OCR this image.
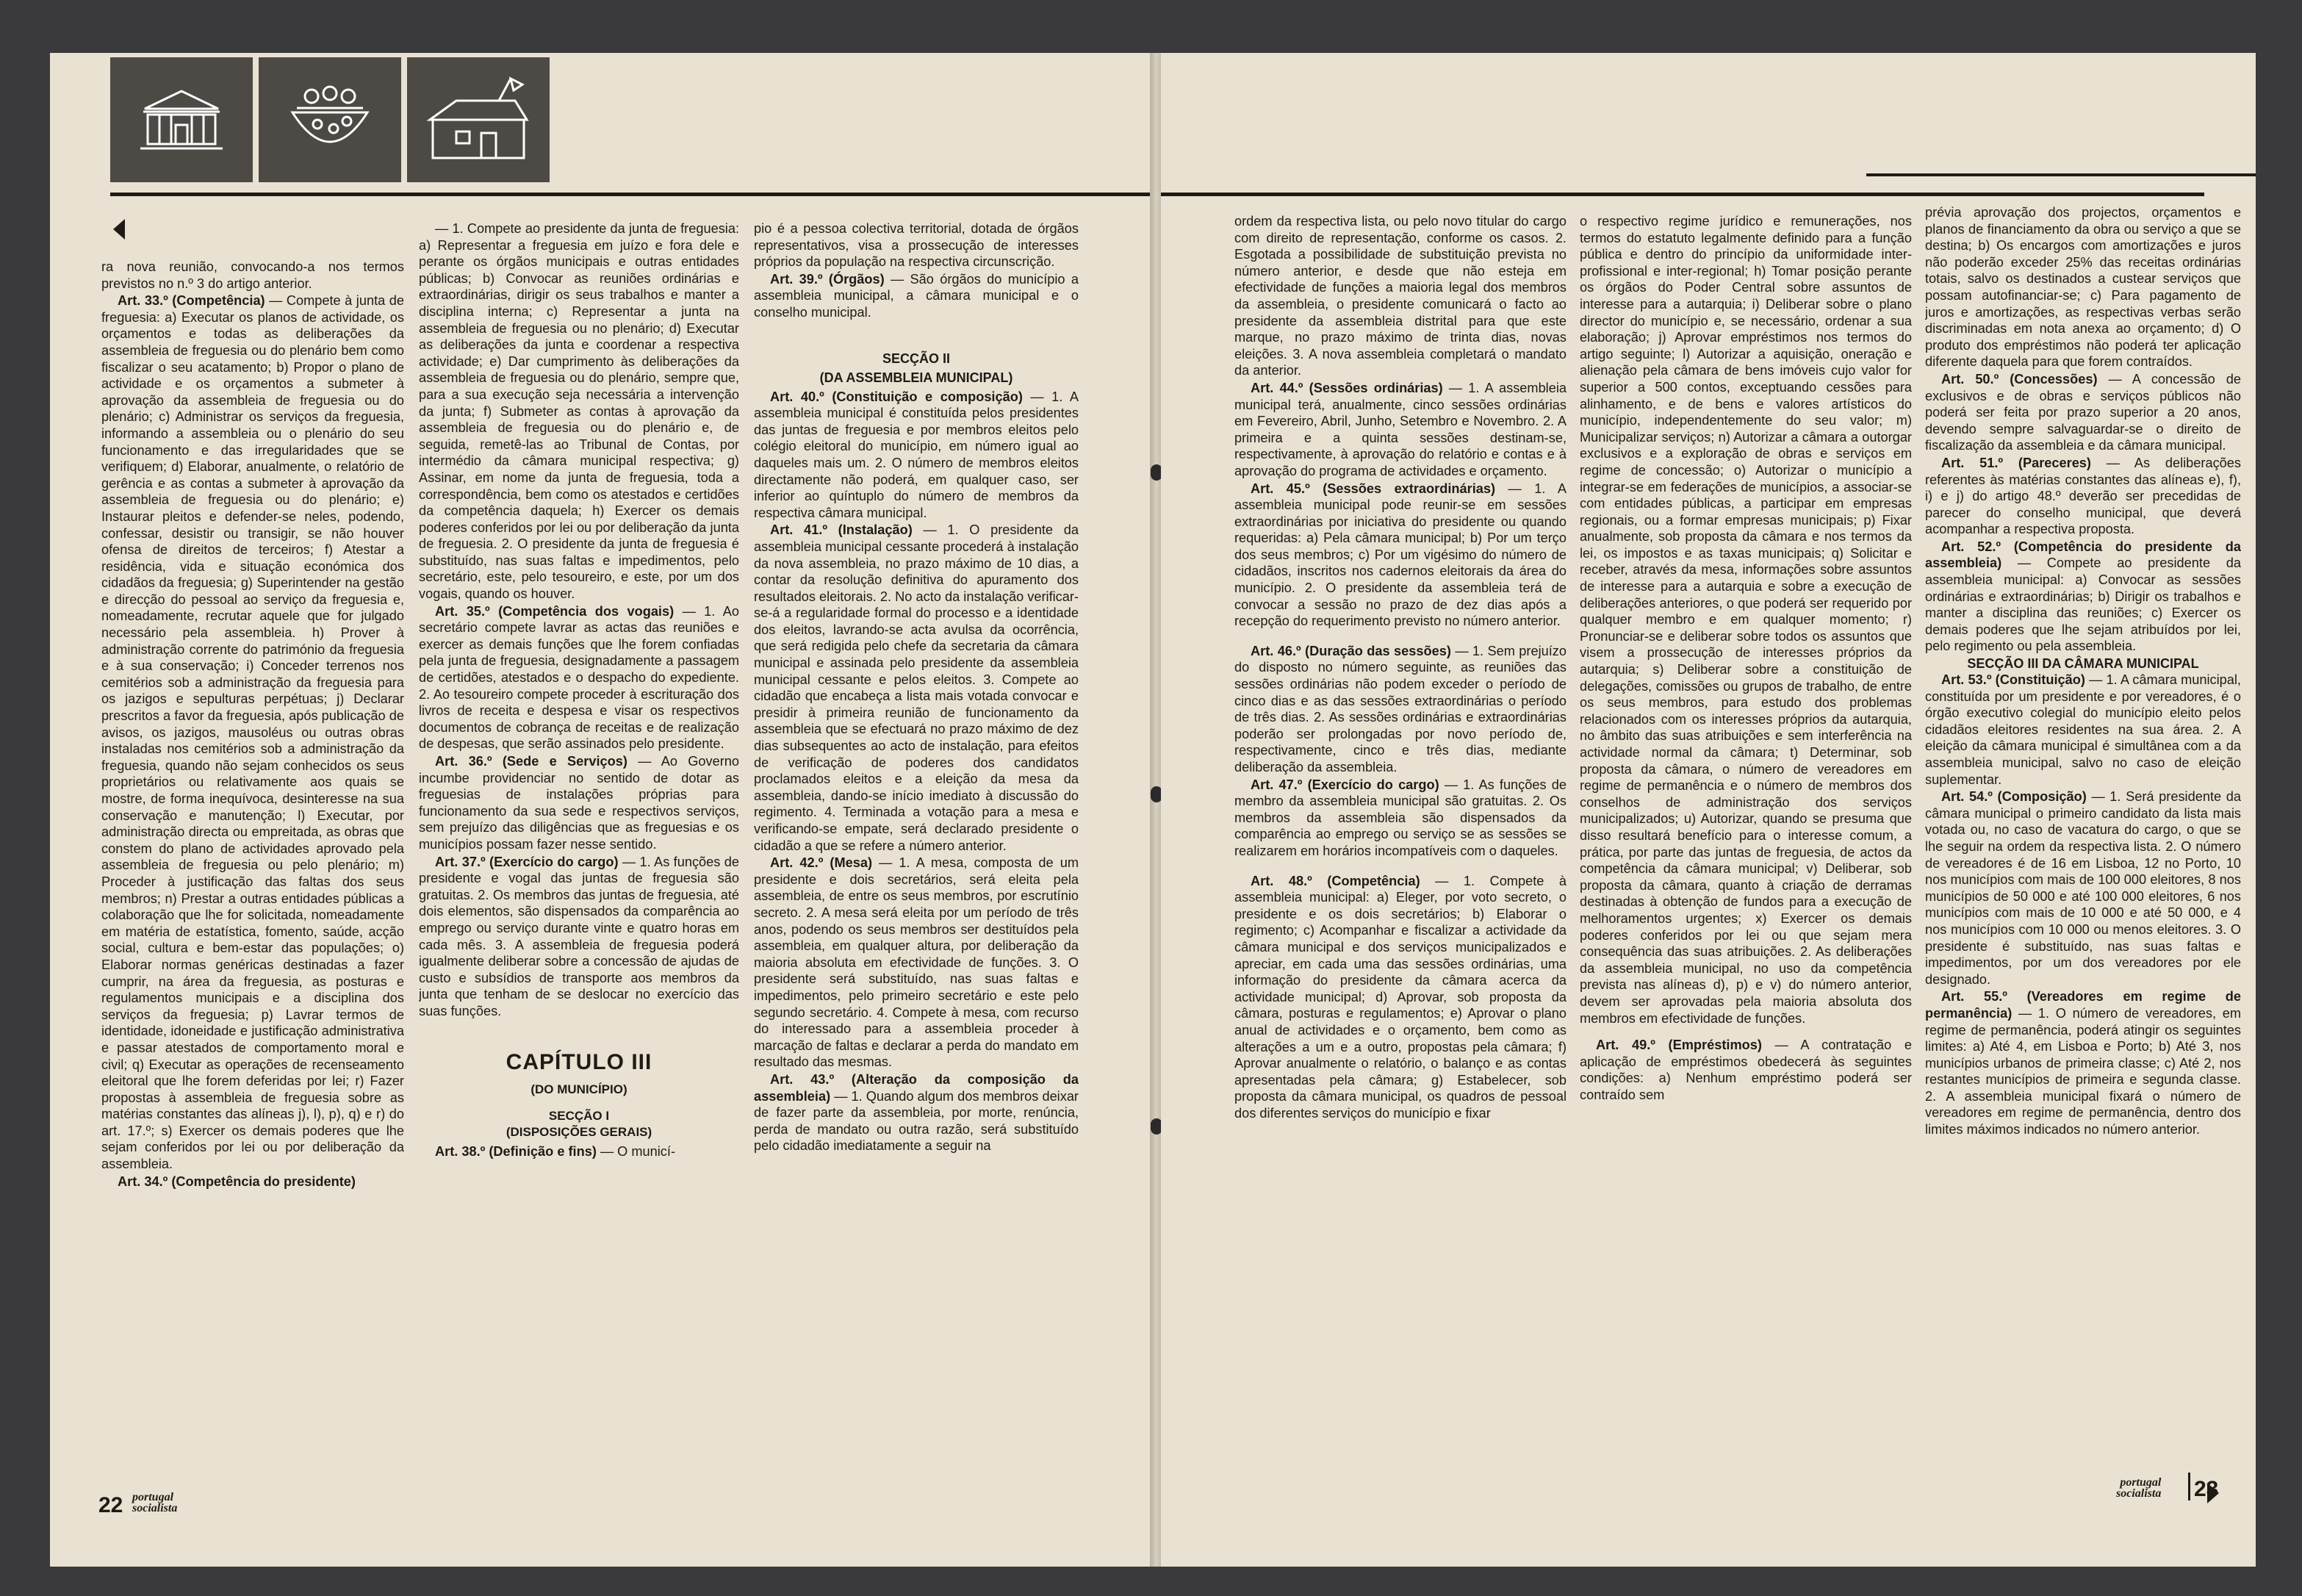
ra nova reunião, convocando-a nos termos previstos no n.º 3 do artigo anterior.

Art. 33.º (Competência) — Compete à junta de freguesia: a) Executar os planos de actividade, os orçamentos e todas as deliberações da assembleia de freguesia ou do plenário bem como fiscalizar o seu acatamento; b) Propor o plano de actividade e os orçamentos a submeter à aprovação da assembleia de freguesia ou do plenário; c) Administrar os serviços da freguesia, informando a assembleia ou o plenário do seu funcionamento e das irregularidades que se verifiquem; d) Elaborar, anualmente, o relatório de gerência e as contas a submeter à aprovação da assembleia de freguesia ou do plenário; e) Instaurar pleitos e defender-se neles, podendo, confessar, desistir ou transigir, se não houver ofensa de direitos de terceiros; f) Atestar a residência, vida e situação económica dos cidadãos da freguesia; g) Superintender na gestão e direcção do pessoal ao serviço da freguesia e, nomeadamente, recrutar aquele que for julgado necessário pela assembleia. h) Prover à administração corrente do património da freguesia e à sua conservação; i) Conceder terrenos nos cemitérios sob a administração da freguesia para os jazigos e sepulturas perpétuas; j) Declarar prescritos a favor da freguesia, após publicação de avisos, os jazigos, mausoléus ou outras obras instaladas nos cemitérios sob a administração da freguesia, quando não sejam conhecidos os seus proprietários ou relativamente aos quais se mostre, de forma inequívoca, desinteresse na sua conservação e manutenção; l) Executar, por administração directa ou empreitada, as obras que constem do plano de actividades aprovado pela assembleia de freguesia ou pelo plenário; m) Proceder à justificação das faltas dos seus membros; n) Prestar a outras entidades públicas a colaboração que lhe for solicitada, nomeadamente em matéria de estatística, fomento, saúde, acção social, cultura e bem-estar das populações; o) Elaborar normas genéricas destinadas a fazer cumprir, na área da freguesia, as posturas e regulamentos municipais e a disciplina dos serviços da freguesia; p) Lavrar termos de identidade, idoneidade e justificação administrativa e passar atestados de comportamento moral e civil; q) Executar as operações de recenseamento eleitoral que lhe forem deferidas por lei; r) Fazer propostas à assembleia de freguesia sobre as matérias constantes das alíneas j), l), p), q) e r) do art. 17.º; s) Exercer os demais poderes que lhe sejam conferidos por lei ou por deliberação da assembleia.

Art. 34.º (Competência do presidente)

— 1. Compete ao presidente da junta de freguesia: a) Representar a freguesia em juízo e fora dele e perante os órgãos municipais e outras entidades públicas; b) Convocar as reuniões ordinárias e extraordinárias, dirigir os seus trabalhos e manter a disciplina interna; c) Representar a junta na assembleia de freguesia ou no plenário; d) Executar as deliberações da junta e coordenar a respectiva actividade; e) Dar cumprimento às deliberações da assembleia de freguesia ou do plenário, sempre que, para a sua execução seja necessária a intervenção da junta; f) Submeter as contas à aprovação da assembleia de freguesia ou do plenário e, de seguida, remetê-las ao Tribunal de Contas, por intermédio da câmara municipal respectiva; g) Assinar, em nome da junta de freguesia, toda a correspondência, bem como os atestados e certidões da competência daquela; h) Exercer os demais poderes conferidos por lei ou por deliberação da junta de freguesia. 2. O presidente da junta de freguesia é substituído, nas suas faltas e impedimentos, pelo secretário, este, pelo tesoureiro, e este, por um dos vogais, quando os houver.

Art. 35.º (Competência dos vogais) — 1. Ao secretário compete lavrar as actas das reuniões e exercer as demais funções que lhe forem confiadas pela junta de freguesia, designadamente a passagem de certidões, atestados e o despacho do expediente. 2. Ao tesoureiro compete proceder à escrituração dos livros de receita e despesa e visar os respectivos documentos de cobrança de receitas e de realização de despesas, que serão assinados pelo presidente.

Art. 36.º (Sede e Serviços) — Ao Governo incumbe providenciar no sentido de dotar as freguesias de instalações próprias para funcionamento da sua sede e respectivos serviços, sem prejuízo das diligências que as freguesias e os municípios possam fazer nesse sentido.

Art. 37.º (Exercício do cargo) — 1. As funções de presidente e vogal das juntas de freguesia são gratuitas. 2. Os membros das juntas de freguesia, até dois elementos, são dispensados da comparência ao emprego ou serviço durante vinte e quatro horas em cada mês. 3. A assembleia de freguesia poderá igualmente deliberar sobre a concessão de ajudas de custo e subsídios de transporte aos membros da junta que tenham de se deslocar no exercício das suas funções.

CAPÍTULO III
(DO MUNICÍPIO)
SECÇÃO I
(DISPOSIÇÕES GERAIS)

Art. 38.º (Definição e fins) — O municí-

pio é a pessoa colectiva territorial, dotada de órgãos representativos, visa a prossecução de interesses próprios da população na respectiva circunscrição.

Art. 39.º (Órgãos) — São órgãos do município a assembleia municipal, a câmara municipal e o conselho municipal.

SECÇÃO II
(DA ASSEMBLEIA MUNICIPAL)

Art. 40.º (Constituição e composição) — 1. A assembleia municipal é constituída pelos presidentes das juntas de freguesia e por membros eleitos pelo colégio eleitoral do município, em número igual ao daqueles mais um. 2. O número de membros eleitos directamente não poderá, em qualquer caso, ser inferior ao quíntuplo do número de membros da respectiva câmara municipal.

Art. 41.º (Instalação) — 1. O presidente da assembleia municipal cessante procederá à instalação da nova assembleia, no prazo máximo de 10 dias, a contar da resolução definitiva do apuramento dos resultados eleitorais. 2. No acto da instalação verificar-se-á a regularidade formal do processo e a identidade dos eleitos, lavrando-se acta avulsa da ocorrência, que será redigida pelo chefe da secretaria da câmara municipal e assinada pelo presidente da assembleia municipal cessante e pelos eleitos. 3. Compete ao cidadão que encabeça a lista mais votada convocar e presidir à primeira reunião de funcionamento da assembleia que se efectuará no prazo máximo de dez dias subsequentes ao acto de instalação, para efeitos de verificação de poderes dos candidatos proclamados eleitos e a eleição da mesa da assembleia, dando-se início imediato à discussão do regimento. 4. Terminada a votação para a mesa e verificando-se empate, será declarado presidente o cidadão a que se refere a número anterior.

Art. 42.º (Mesa) — 1. A mesa, composta de um presidente e dois secretários, será eleita pela assembleia, de entre os seus membros, por escrutínio secreto. 2. A mesa será eleita por um período de três anos, podendo os seus membros ser destituídos pela assembleia, em qualquer altura, por deliberação da maioria absoluta em efectividade de funções. 3. O presidente será substituído, nas suas faltas e impedimentos, pelo primeiro secretário e este pelo segundo secretário. 4. Compete à mesa, com recurso do interessado para a assembleia proceder à marcação de faltas e declarar a perda do mandato em resultado das mesmas.

Art. 43.º (Alteração da composição da assembleia) — 1. Quando algum dos membros deixar de fazer parte da assembleia, por morte, renúncia, perda de mandato ou outra razão, será substituído pelo cidadão imediatamente a seguir na

22 portugal
socialista

ordem da respectiva lista, ou pelo novo titular do cargo com direito de representação, conforme os casos. 2. Esgotada a possibilidade de substituição prevista no número anterior, e desde que não esteja em efectividade de funções a maioria legal dos membros da assembleia, o presidente comunicará o facto ao presidente da assembleia distrital para que este marque, no prazo máximo de trinta dias, novas eleições. 3. A nova assembleia completará o mandato da anterior.

Art. 44.º (Sessões ordinárias) — 1. A assembleia municipal terá, anualmente, cinco sessões ordinárias em Fevereiro, Abril, Junho, Setembro e Novembro. 2. A primeira e a quinta sessões destinam-se, respectivamente, à aprovação do relatório e contas e à aprovação do programa de actividades e orçamento.

Art. 45.º (Sessões extraordinárias) — 1. A assembleia municipal pode reunir-se em sessões extraordinárias por iniciativa do presidente ou quando requeridas: a) Pela câmara municipal; b) Por um terço dos seus membros; c) Por um vigésimo do número de cidadãos, inscritos nos cadernos eleitorais da área do município. 2. O presidente da assembleia terá de convocar a sessão no prazo de dez dias após a recepção do requerimento previsto no número anterior.

Art. 46.º (Duração das sessões) — 1. Sem prejuízo do disposto no número seguinte, as reuniões das sessões ordinárias não podem exceder o período de cinco dias e as das sessões extraordinárias o período de três dias. 2. As sessões ordinárias e extraordinárias poderão ser prolongadas por novo período de, respectivamente, cinco e três dias, mediante deliberação da assembleia.

Art. 47.º (Exercício do cargo) — 1. As funções de membro da assembleia municipal são gratuitas. 2. Os membros da assembleia são dispensados da comparência ao emprego ou serviço se as sessões se realizarem em horários incompatíveis com o daqueles.

Art. 48.º (Competência) — 1. Compete à assembleia municipal: a) Eleger, por voto secreto, o presidente e os dois secretários; b) Elaborar o regimento; c) Acompanhar e fiscalizar a actividade da câmara municipal e dos serviços municipalizados e apreciar, em cada uma das sessões ordinárias, uma informação do presidente da câmara acerca da actividade municipal; d) Aprovar, sob proposta da câmara, posturas e regulamentos; e) Aprovar o plano anual de actividades e o orçamento, bem como as alterações a um e a outro, propostas pela câmara; f) Aprovar anualmente o relatório, o balanço e as contas apresentadas pela câmara; g) Estabelecer, sob proposta da câmara municipal, os quadros de pessoal dos diferentes serviços do município e fixar

o respectivo regime jurídico e remunerações, nos termos do estatuto legalmente definido para a função pública e dentro do princípio da uniformidade inter-profissional e inter-regional; h) Tomar posição perante os órgãos do Poder Central sobre assuntos de interesse para a autarquia; i) Deliberar sobre o plano director do município e, se necessário, ordenar a sua elaboração; j) Aprovar empréstimos nos termos do artigo seguinte; l) Autorizar a aquisição, oneração e alienação pela câmara de bens imóveis cujo valor for superior a 500 contos, exceptuando cessões para alinhamento, e de bens e valores artísticos do município, independentemente do seu valor; m) Municipalizar serviços; n) Autorizar a câmara a outorgar exclusivos e a exploração de obras e serviços em regime de concessão; o) Autorizar o município a integrar-se em federações de municípios, a associar-se com entidades públicas, a participar em empresas regionais, ou a formar empresas municipais; p) Fixar anualmente, sob proposta da câmara e nos termos da lei, os impostos e as taxas municipais; q) Solicitar e receber, através da mesa, informações sobre assuntos de interesse para a autarquia e sobre a execução de deliberações anteriores, o que poderá ser requerido por qualquer membro e em qualquer momento; r) Pronunciar-se e deliberar sobre todos os assuntos que visem a prossecução de interesses próprios da autarquia; s) Deliberar sobre a constituição de delegações, comissões ou grupos de trabalho, de entre os seus membros, para estudo dos problemas relacionados com os interesses próprios da autarquia, no âmbito das suas atribuições e sem interferência na actividade normal da câmara; t) Determinar, sob proposta da câmara, o número de vereadores em regime de permanência e o número de membros dos conselhos de administração dos serviços municipalizados; u) Autorizar, quando se presuma que disso resultará benefício para o interesse comum, a prática, por parte das juntas de freguesia, de actos da competência da câmara municipal; v) Deliberar, sob proposta da câmara, quanto à criação de derramas destinadas à obtenção de fundos para a execução de melhoramentos urgentes; x) Exercer os demais poderes conferidos por lei ou que sejam mera consequência das suas atribuições. 2. As deliberações da assembleia municipal, no uso da competência prevista nas alíneas d), p) e v) do número anterior, devem ser aprovadas pela maioria absoluta dos membros em efectividade de funções.

Art. 49.º (Empréstimos) — A contratação e aplicação de empréstimos obedecerá às seguintes condições: a) Nenhum empréstimo poderá ser contraído sem

prévia aprovação dos projectos, orçamentos e planos de financiamento da obra ou serviço a que se destina; b) Os encargos com amortizações e juros não poderão exceder 25% das receitas ordinárias totais, salvo os destinados a custear serviços que possam autofinanciar-se; c) Para pagamento de juros e amortizações, as respectivas verbas serão discriminadas em nota anexa ao orçamento; d) O produto dos empréstimos não poderá ter aplicação diferente daquela para que forem contraídos.

Art. 50.º (Concessões) — A concessão de exclusivos e de obras e serviços públicos não poderá ser feita por prazo superior a 20 anos, devendo sempre salvaguardar-se o direito de fiscalização da assembleia e da câmara municipal.

Art. 51.º (Pareceres) — As deliberações referentes às matérias constantes das alíneas e), f), i) e j) do artigo 48.º deverão ser precedidas de parecer do conselho municipal, que deverá acompanhar a respectiva proposta.

Art. 52.º (Competência do presidente da assembleia) — Compete ao presidente da assembleia municipal: a) Convocar as sessões ordinárias e extraordinárias; b) Dirigir os trabalhos e manter a disciplina das reuniões; c) Exercer os demais poderes que lhe sejam atribuídos por lei, pelo regimento ou pela assembleia.

SECÇÃO III DA CÂMARA MUNICIPAL

Art. 53.º (Constituição) — 1. A câmara municipal, constituída por um presidente e por vereadores, é o órgão executivo colegial do município eleito pelos cidadãos eleitores residentes na sua área. 2. A eleição da câmara municipal é simultânea com a da assembleia municipal, salvo no caso de eleição suplementar.

Art. 54.º (Composição) — 1. Será presidente da câmara municipal o primeiro candidato da lista mais votada ou, no caso de vacatura do cargo, o que se lhe seguir na ordem da respectiva lista. 2. O número de vereadores é de 16 em Lisboa, 12 no Porto, 10 nos municípios com mais de 100 000 eleitores, 8 nos municípios de 50 000 e até 100 000 eleitores, 6 nos municípios com mais de 10 000 e até 50 000, e 4 nos municípios com 10 000 ou menos eleitores. 3. O presidente é substituído, nas suas faltas e impedimentos, por um dos vereadores por ele designado.

Art. 55.º (Vereadores em regime de permanência) — 1. O número de vereadores, em regime de permanência, poderá atingir os seguintes limites: a) Até 4, em Lisboa e Porto; b) Até 3, nos municípios urbanos de primeira classe; c) Até 2, nos restantes municípios de primeira e segunda classe. 2. A assembleia municipal fixará o número de vereadores em regime de permanência, dentro dos limites máximos indicados no número anterior.

portugal
socialista 23
